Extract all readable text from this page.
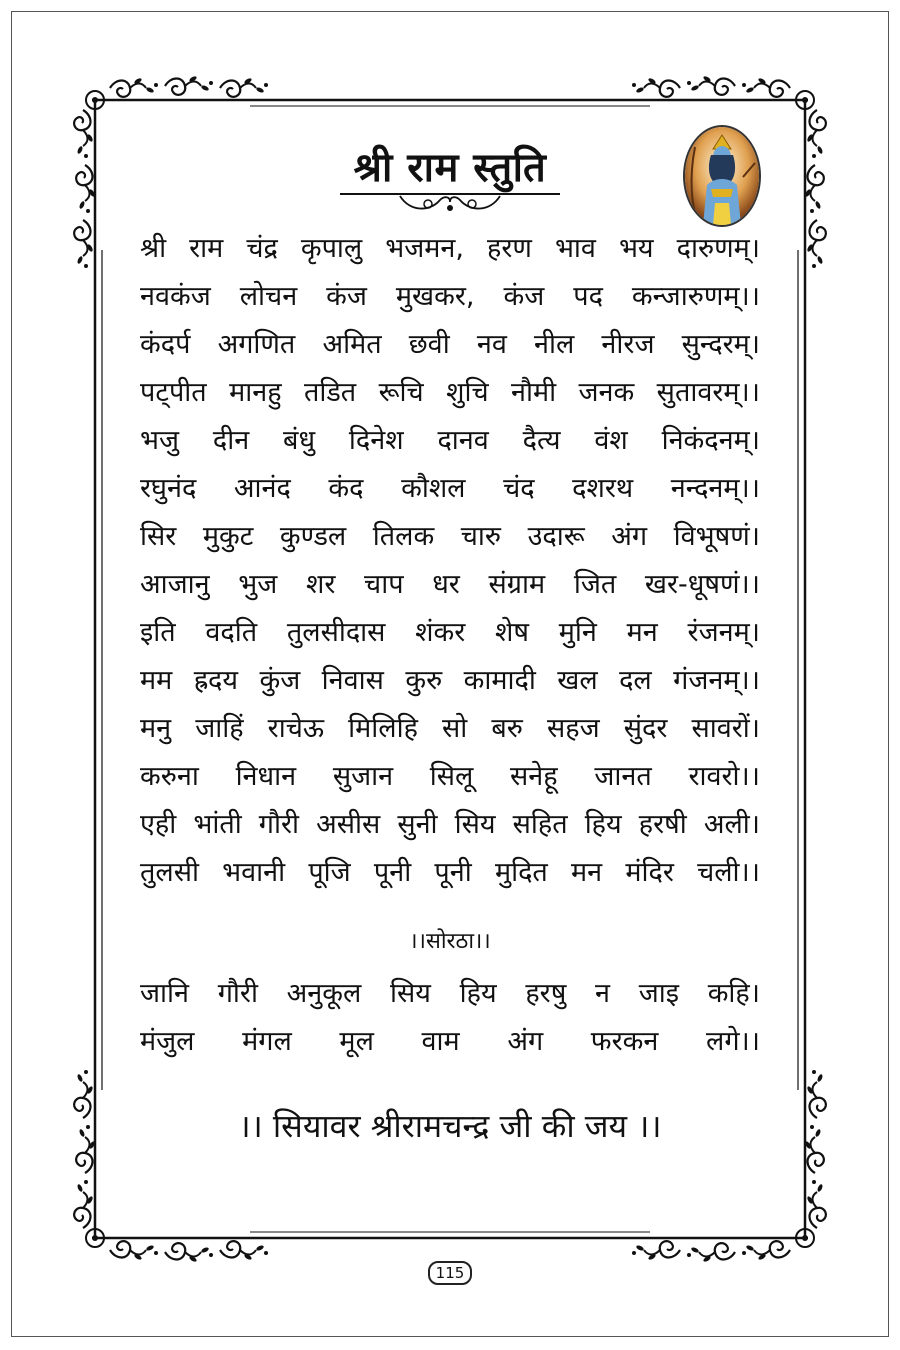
श्री राम स्तुति
श्री राम चंद्र कृपालु भजमन, हरण भाव भय दारुणम्।
नवकंज लोचन कंज मुखकर, कंज पद कन्जारुणम्।।
कंदर्प अगणित अमित छवी नव नील नीरज सुन्दरम्।
पट्पीत मानहु तडित रूचि शुचि नौमी जनक सुतावरम्।।
भजु दीन बंधु दिनेश दानव दैत्य वंश निकंदनम्।
रघुनंद आनंद कंद कौशल चंद दशरथ नन्दनम्।।
सिर मुकुट कुण्डल तिलक चारु उदारू अंग विभूषणं।
आजानु भुज शर चाप धर संग्राम जित खर-धूषणं।।
इति वदति तुलसीदास शंकर शेष मुनि मन रंजनम्।
मम ह्रदय कुंज निवास कुरु कामादी खल दल गंजनम्।।
मनु जाहिं राचेऊ मिलिहि सो बरु सहज सुंदर सावरों।
करुना निधान सुजान सिलू सनेहू जानत रावरो।।
एही भांती गौरी असीस सुनी सिय सहित हिय हरषी अली।
तुलसी भवानी पूजि पूनी पूनी मुदित मन मंदिर चली।।
।।सोरठा।।
जानि गौरी अनुकूल सिय हिय हरषु न जाइ कहि।
मंजुल मंगल मूल वाम अंग फरकन लगे।।
।। सियावर श्रीरामचन्द्र जी की जय ।।
115
